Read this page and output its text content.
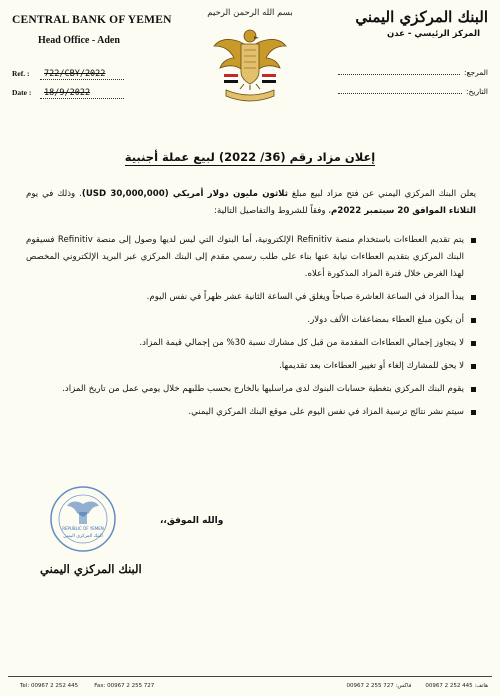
CENTRAL BANK OF YEMEN
Head Office - Aden
Ref. :	722/CBY/2022
Date :	18/9/2022
بسم الله الرحمن الرحيم	البنك المركزي اليمني
المركز الرئيسي - عدن
المرجع:
التاريخ:
إعلان مزاد رقم (36/ 2022) لبيع عملة أجنبية
يعلن البنك المركزي اليمني عن فتح مزاد لبيع مبلغ ثلاثون مليون دولار أمريكي (30,000,000 USD). وذلك في يوم الثلاثاء الموافق 20 سبتمبر 2022م، وفقاً للشروط والتفاصيل التالية:
يتم تقديم العطاءات باستخدام منصة Refinitiv الإلكترونية، أما البنوك التي ليس لديها وصول إلى منصة Refinitiv فسيقوم البنك المركزي بتقديم العطاءات نيابة عنها بناء على طلب رسمي مقدم إلى البنك المركزي عبر البريد الإلكتروني المخصص لهذا الغرض خلال فترة المزاد المذكورة أعلاه.
يبدأ المزاد في الساعة العاشرة صباحاً ويغلق في الساعة الثانية عشر ظهراً في نفس اليوم.
أن يكون مبلغ العطاء بمضاعفات الألف دولار.
لا يتجاوز إجمالي العطاءات المقدمة من قبل كل مشارك نسبة 30% من إجمالي قيمة المزاد.
لا يحق للمشارك إلغاء أو تغيير العطاءات بعد تقديمها.
يقوم البنك المركزي بتغطية حسابات البنوك لدى مراسليها بالخارج بحسب طلبهم خلال يومي عمل من تاريخ المزاد.
سيتم نشر نتائج ترسية المزاد في نفس اليوم على موقع البنك المركزي اليمني.
REPUBLIC OF YEMEN
البنك المركزي اليمني
والله الموفق،،
البنك المركزي اليمني
Tel: 00967 2 252 445	Fax: 00967 2 255 727	هاتف: 445 252 2 00967
فاكس: 727 255 2 00967
